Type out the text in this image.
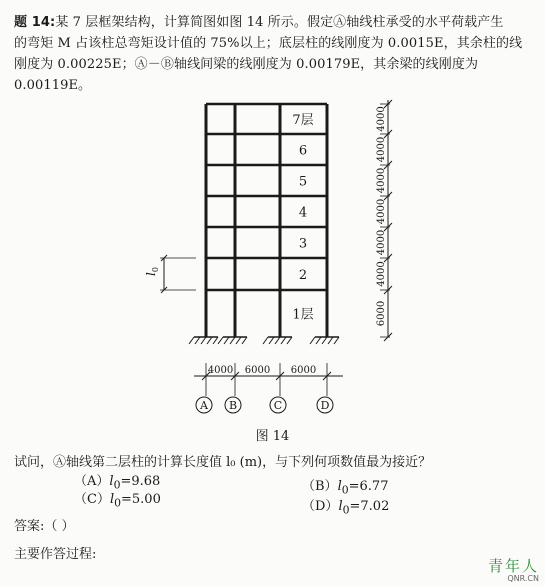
题 14:某 7 层框架结构，计算简图如图 14 所示。假定Ⓐ轴线柱承受的水平荷载产生
的弯矩 M 占该柱总弯矩设计值的 75%以上；底层柱的线刚度为 0.0015E，其余柱的线
刚度为 0.00225E；Ⓐ－Ⓑ轴线间梁的线刚度为 0.00179E，其余梁的线刚度为 0.00119E。
7层
6
5
4
3
2
1层
4000
4000
4000
4000
4000
4000
6000
$l_0$
4000 6000 6000
A B	C	D
图 14
试问，Ⓐ轴线第二层柱的计算长度值 l₀ (m)，与下列何项数值最为接近？
$(A)l_0=9.68$	$(B)l_0=6.77$
$(C)l_0=5.00$	$(D)l_0=7.02$
答案:（ ）
主要作答过程:
青年人
QNR.CN
